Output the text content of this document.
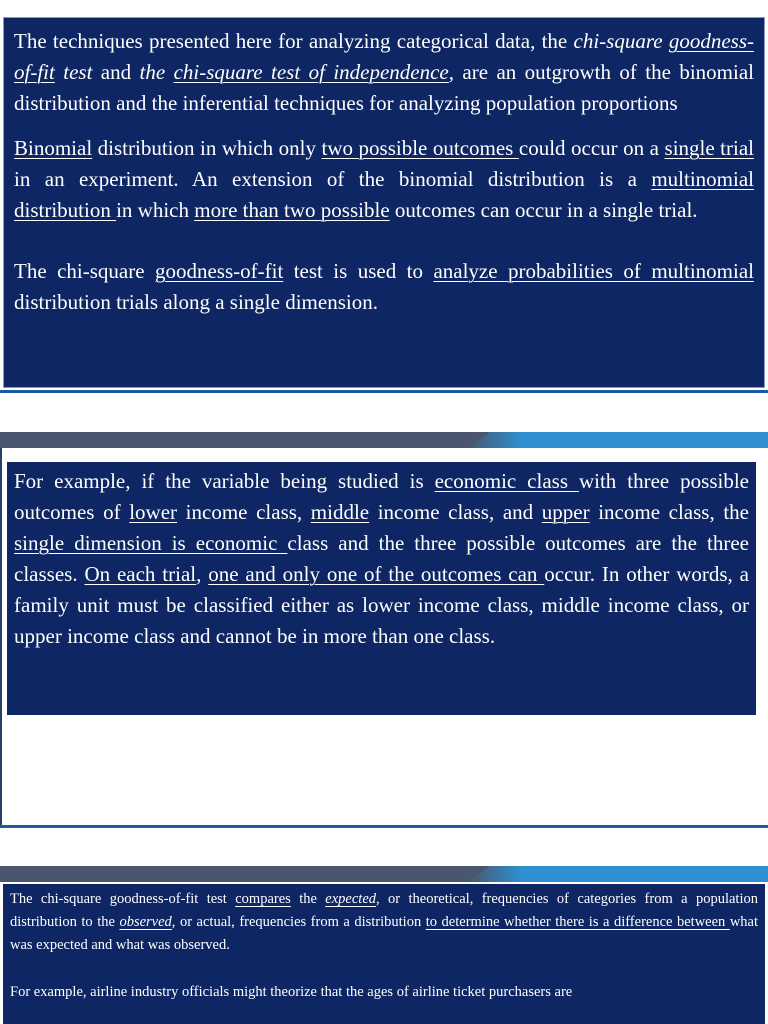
The techniques presented here for analyzing categorical data, the chi-square goodness-of-fit test and the chi-square test of independence, are an outgrowth of the binomial distribution and the inferential techniques for analyzing population proportions

Binomial distribution in which only two possible outcomes could occur on a single trial in an experiment. An extension of the binomial distribution is a multinomial distribution in which more than two possible outcomes can occur in a single trial.

The chi-square goodness-of-fit test is used to analyze probabilities of multinomial distribution trials along a single dimension.

For example, if the variable being studied is economic class with three possible outcomes of lower income class, middle income class, and upper income class, the single dimension is economic class and the three possible outcomes are the three classes. On each trial, one and only one of the outcomes can occur. In other words, a family unit must be classified either as lower income class, middle income class, or upper income class and cannot be in more than one class.

The chi-square goodness-of-fit test compares the expected, or theoretical, frequencies of categories from a population distribution to the observed, or actual, frequencies from a distribution to determine whether there is a difference between what was expected and what was observed.

For example, airline industry officials might theorize that the ages of airline ticket purchasers are
